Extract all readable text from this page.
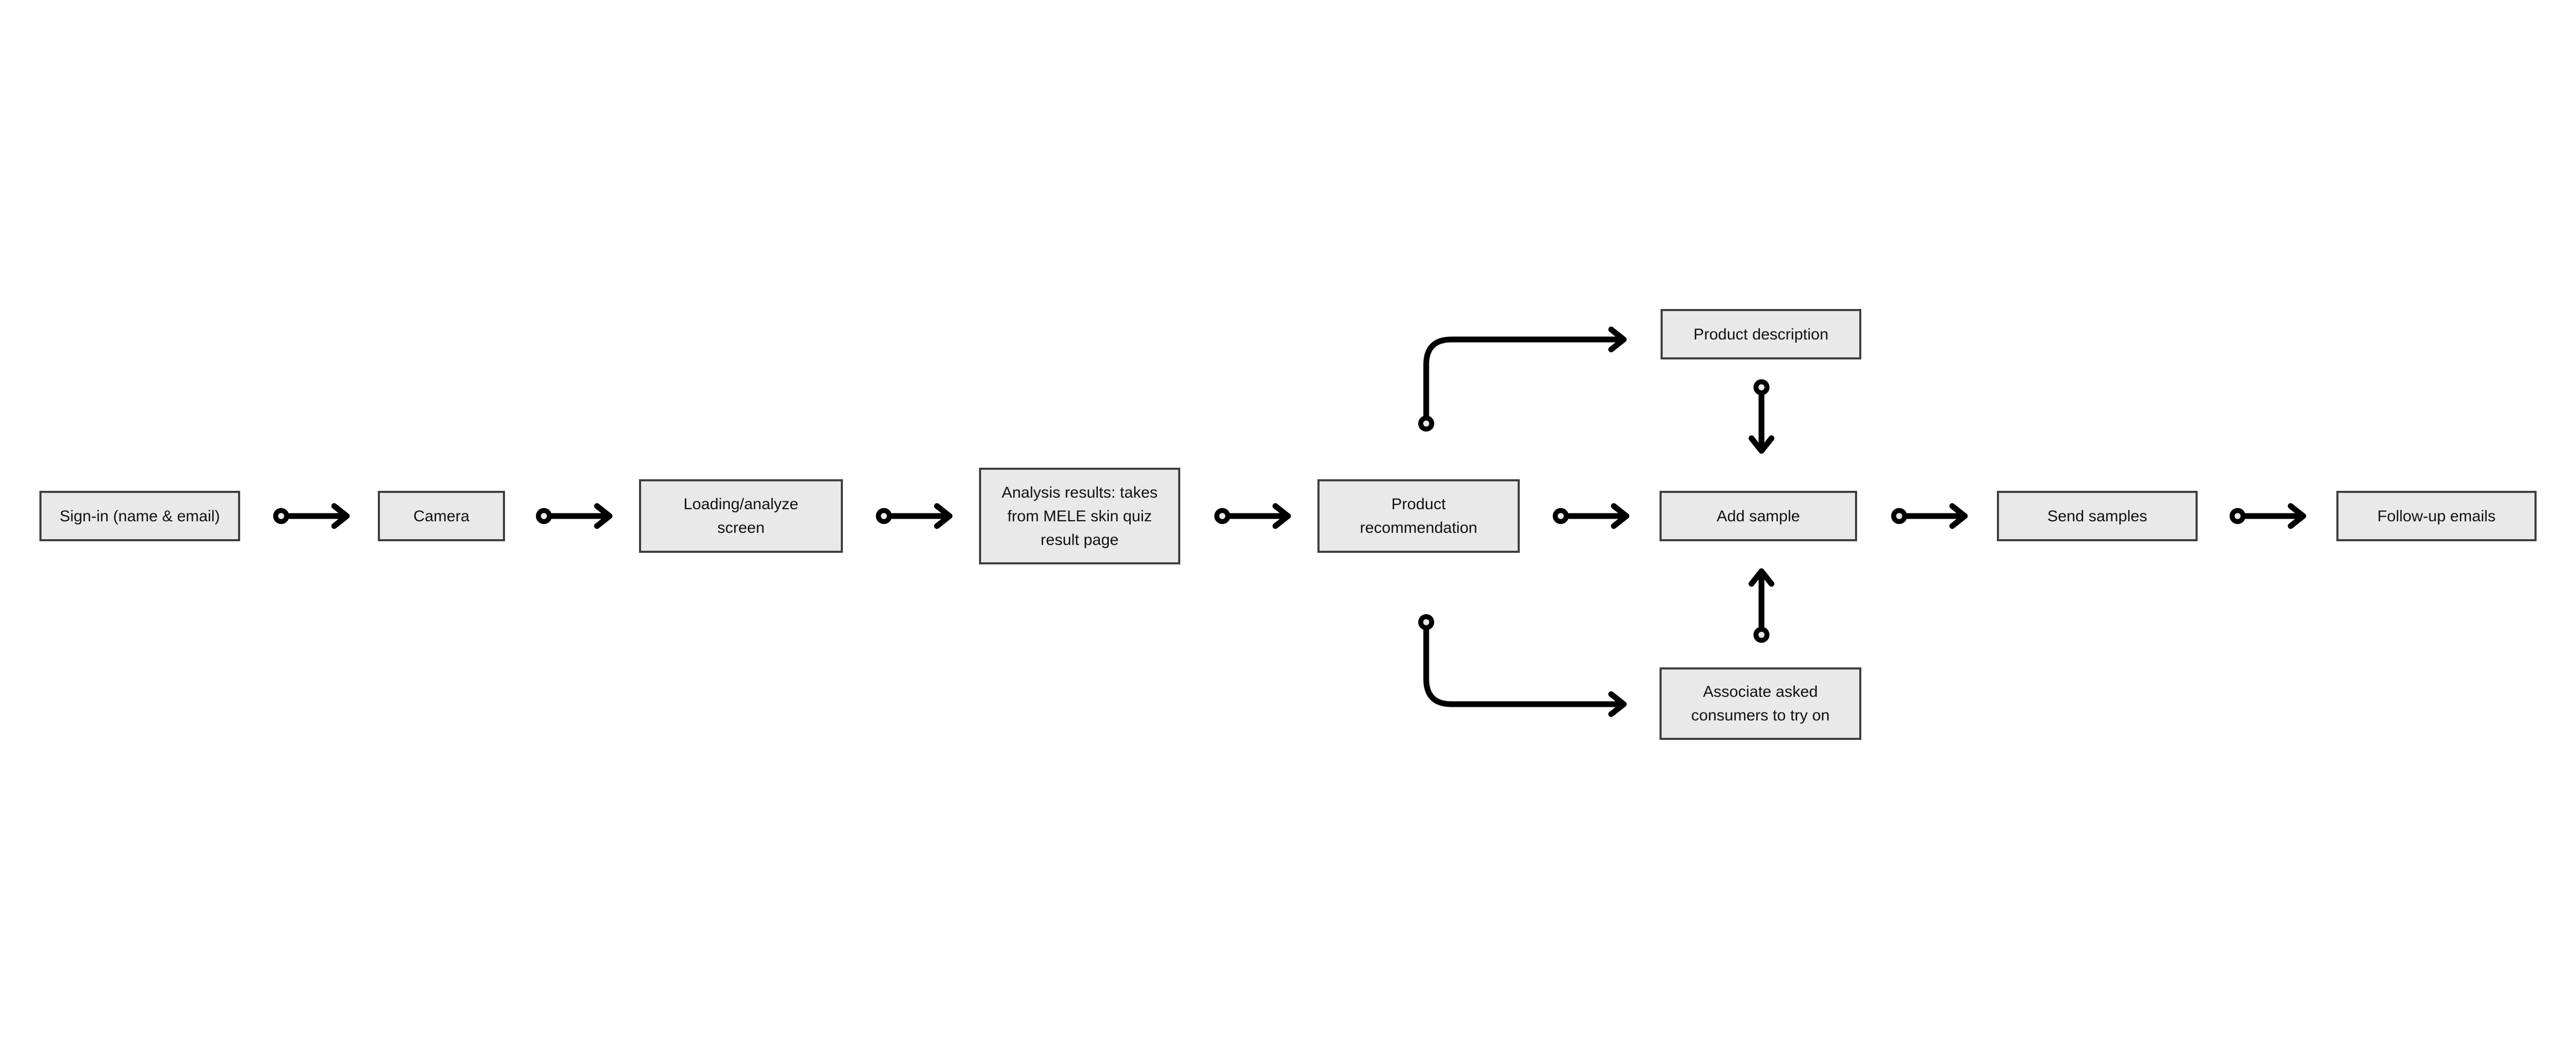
Sign-in (name & email)	Camera
Loading/analyze screen
Analysis results: takes from MELE skin quiz result page
Product recommendation
Product description
Add sample
Associate asked consumers to try on
Send samples	Follow-up emails
